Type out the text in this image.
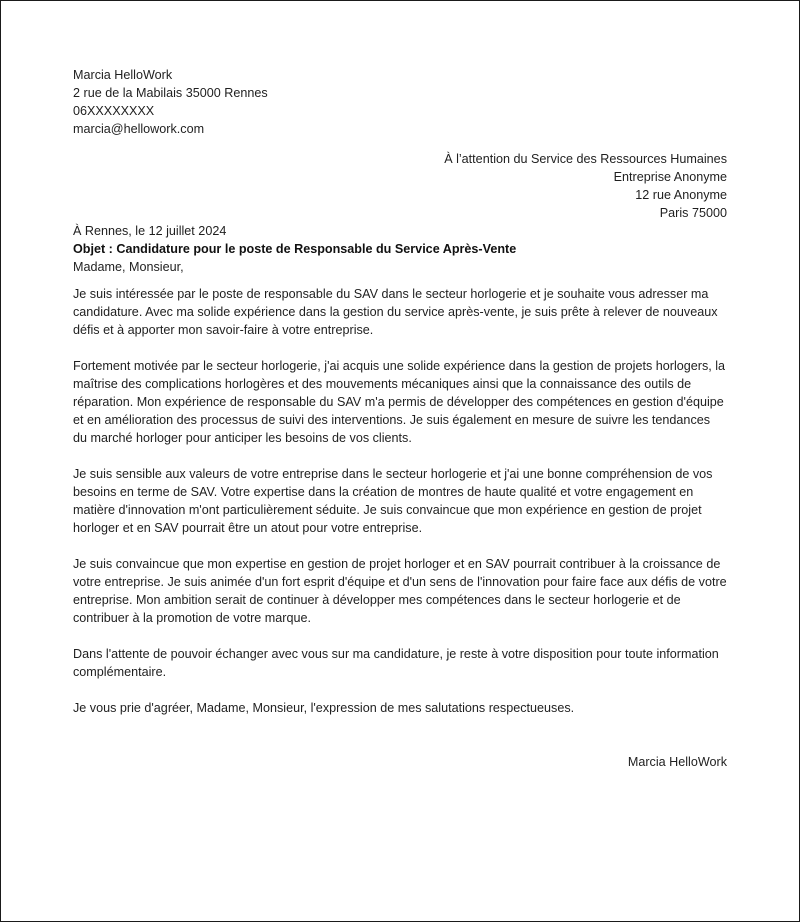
Marcia HelloWork

2 rue de la Mabilais 35000 Rennes

06XXXXXXXX

marcia@hellowork.com

À l’attention du Service des Ressources Humaines

Entreprise Anonyme

12 rue Anonyme

Paris 75000

À Rennes, le 12 juillet 2024

Objet : Candidature pour le poste de Responsable du Service Après-Vente

Madame, Monsieur,

Je suis intéressée par le poste de responsable du SAV dans le secteur horlogerie et je souhaite vous adresser ma candidature. Avec ma solide expérience dans la gestion du service après-vente, je suis prête à relever de nouveaux défis et à apporter mon savoir-faire à votre entreprise.

Fortement motivée par le secteur horlogerie, j'ai acquis une solide expérience dans la gestion de projets horlogers, la maîtrise des complications horlogères et des mouvements mécaniques ainsi que la connaissance des outils de réparation. Mon expérience de responsable du SAV m'a permis de développer des compétences en gestion d'équipe et en amélioration des processus de suivi des interventions. Je suis également en mesure de suivre les tendances du marché horloger pour anticiper les besoins de vos clients.

Je suis sensible aux valeurs de votre entreprise dans le secteur horlogerie et j'ai une bonne compréhension de vos besoins en terme de SAV. Votre expertise dans la création de montres de haute qualité et votre engagement en matière d'innovation m'ont particulièrement séduite. Je suis convaincue que mon expérience en gestion de projet horloger et en SAV pourrait être un atout pour votre entreprise.

Je suis convaincue que mon expertise en gestion de projet horloger et en SAV pourrait contribuer à la croissance de votre entreprise. Je suis animée d'un fort esprit d'équipe et d'un sens de l'innovation pour faire face aux défis de votre entreprise. Mon ambition serait de continuer à développer mes compétences dans le secteur horlogerie et de contribuer à la promotion de votre marque.

Dans l'attente de pouvoir échanger avec vous sur ma candidature, je reste à votre disposition pour toute information complémentaire.

Je vous prie d'agréer, Madame, Monsieur, l'expression de mes salutations respectueuses.

Marcia HelloWork
